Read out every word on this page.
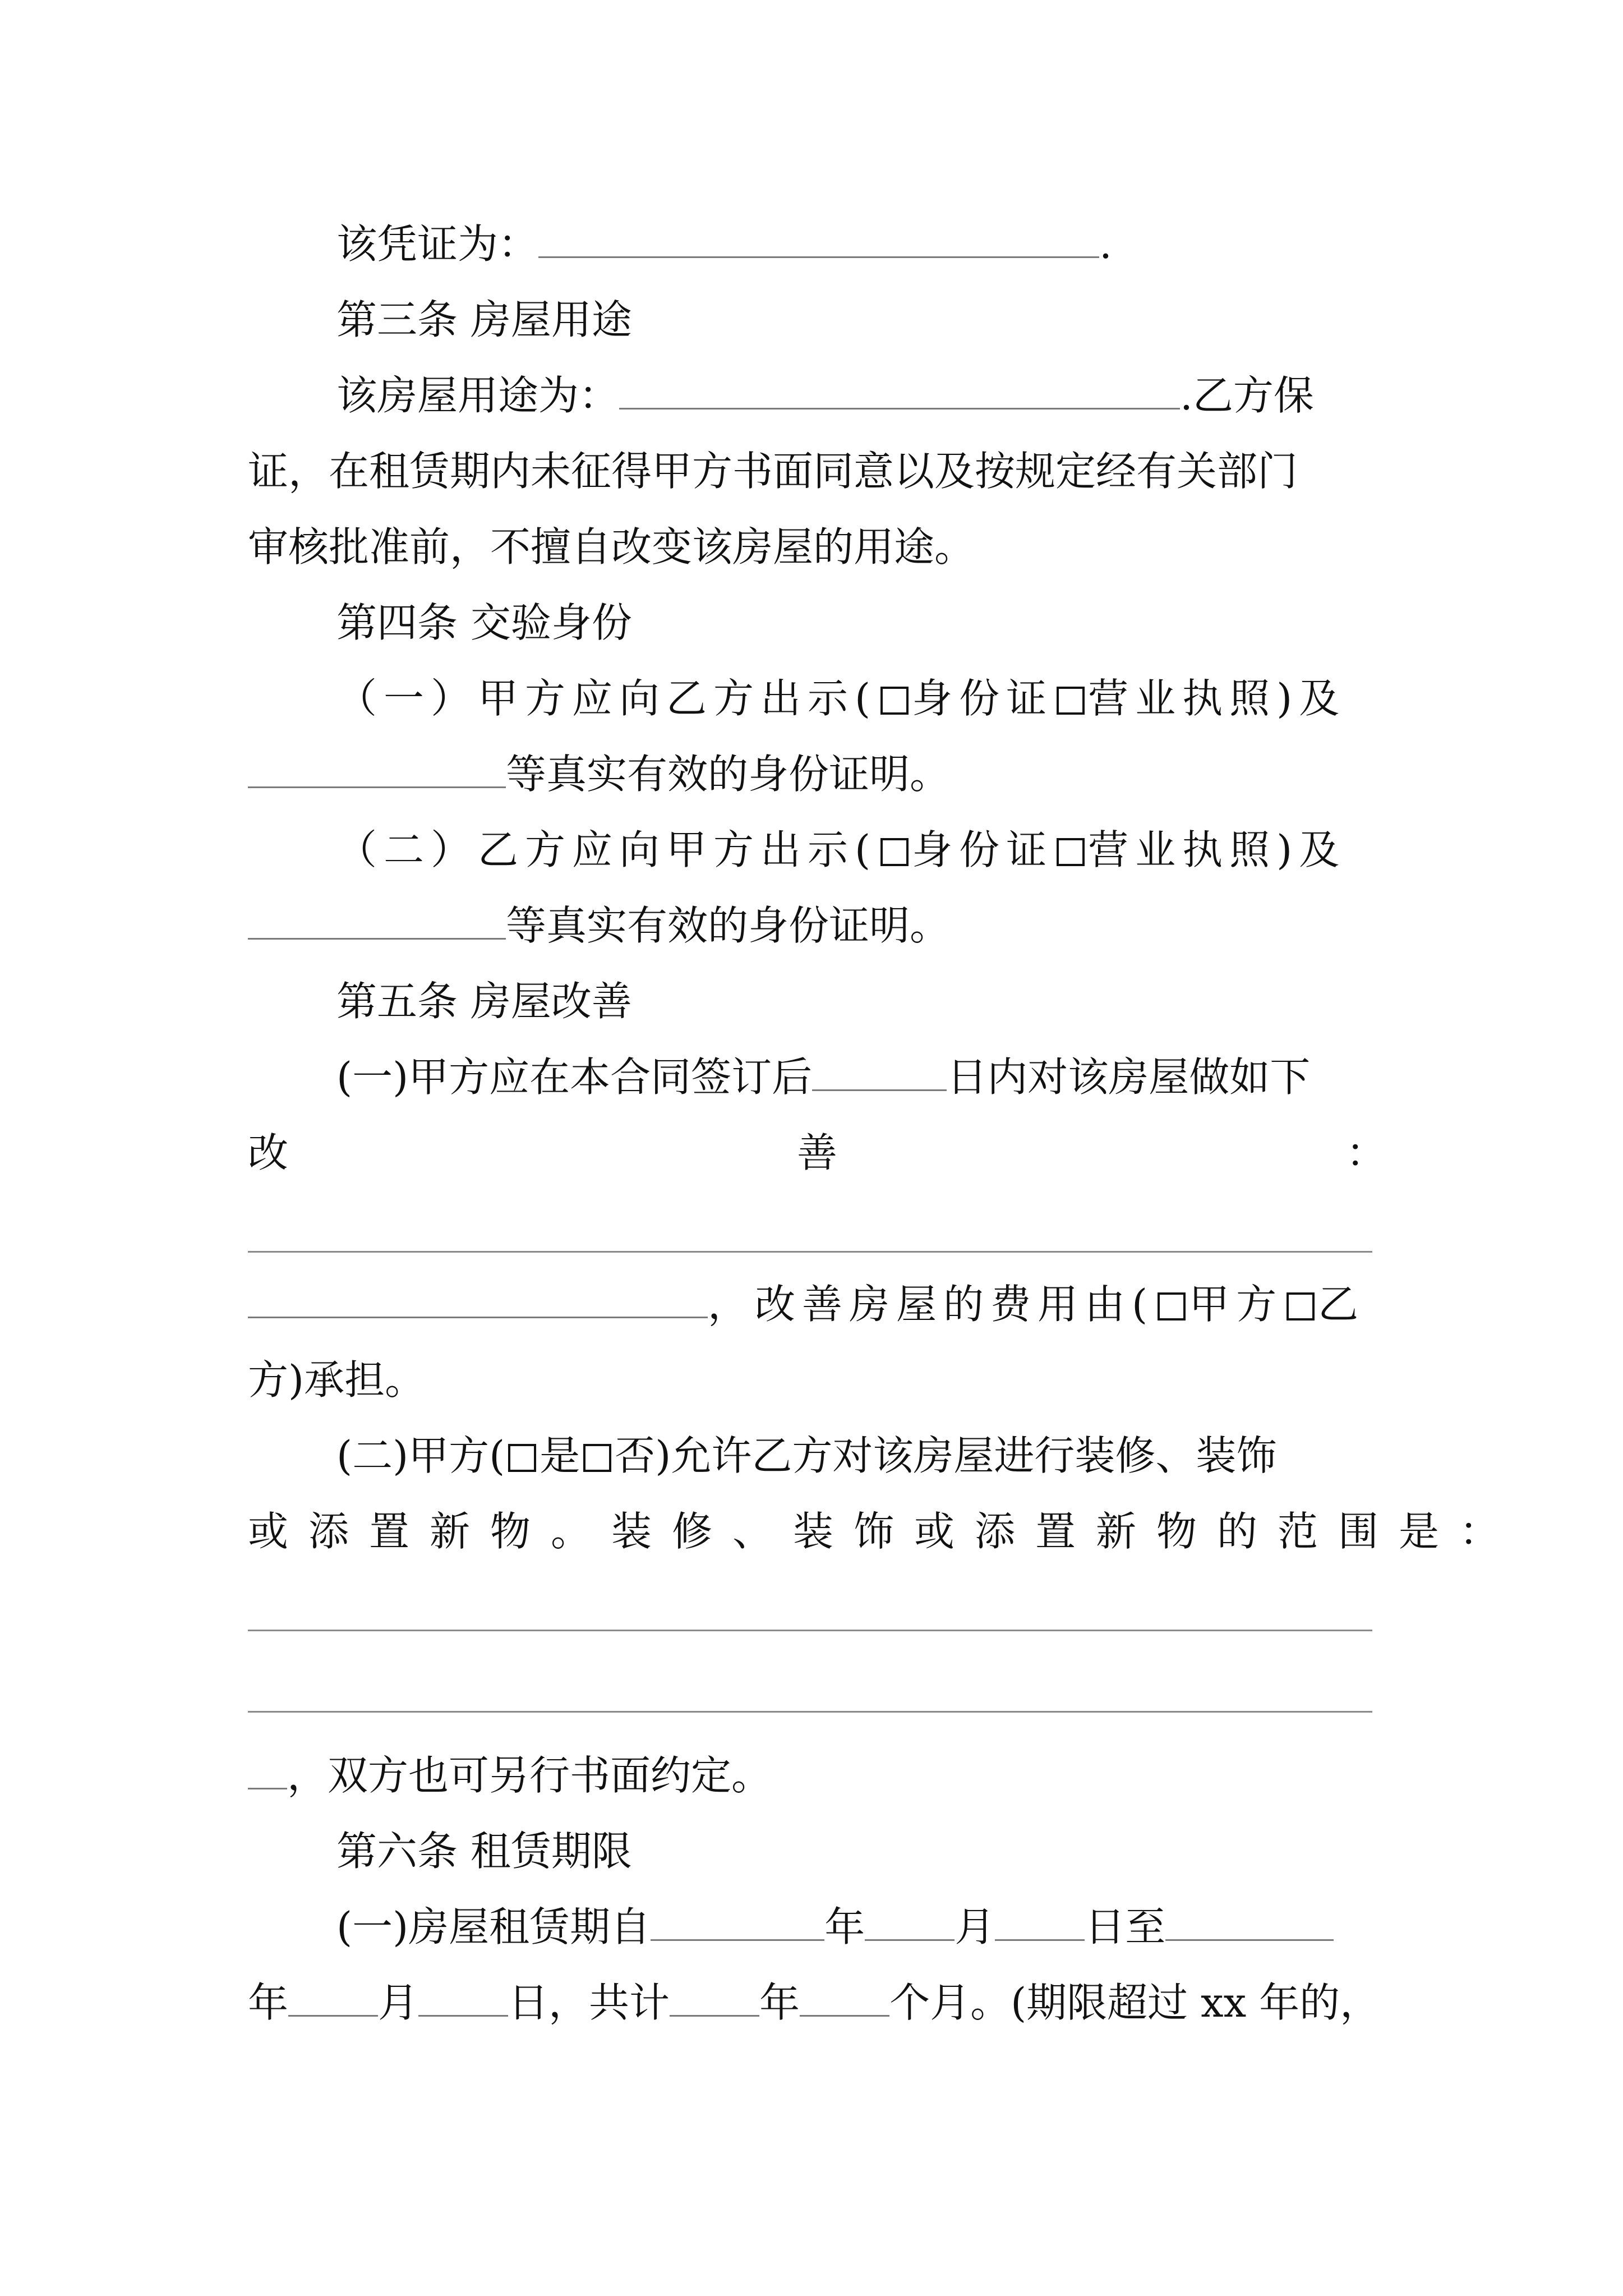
该凭证为：	.
第三条 房屋用途
该房屋用途为：	.乙方保
证，在租赁期内未征得甲方书面同意以及按规定经有关部门
审核批准前，不擅自改变该房屋的用途。
第四条 交验身份
（一）甲方应向乙方出示( 身份证 营业执照)及
等真实有效的身份证明。
（二）乙方应向甲方出示( 身份证 营业执照)及
等真实有效的身份证明。
第五条 房屋改善
(一)甲方应在本合同签订后	日内对该房屋做如下
改	善	：
，改善房屋的费用由( 甲方 乙
方)承担。
(二)甲方( 是 否)允许乙方对该房屋进行装修、装饰
或添置新物。装修、装饰或添置新物的范围是：
，双方也可另行书面约定。
第六条 租赁期限
(一)房屋租赁期自	年 月 日至
年 月 日，共计 年 个月。(期限超过 xx 年的，
